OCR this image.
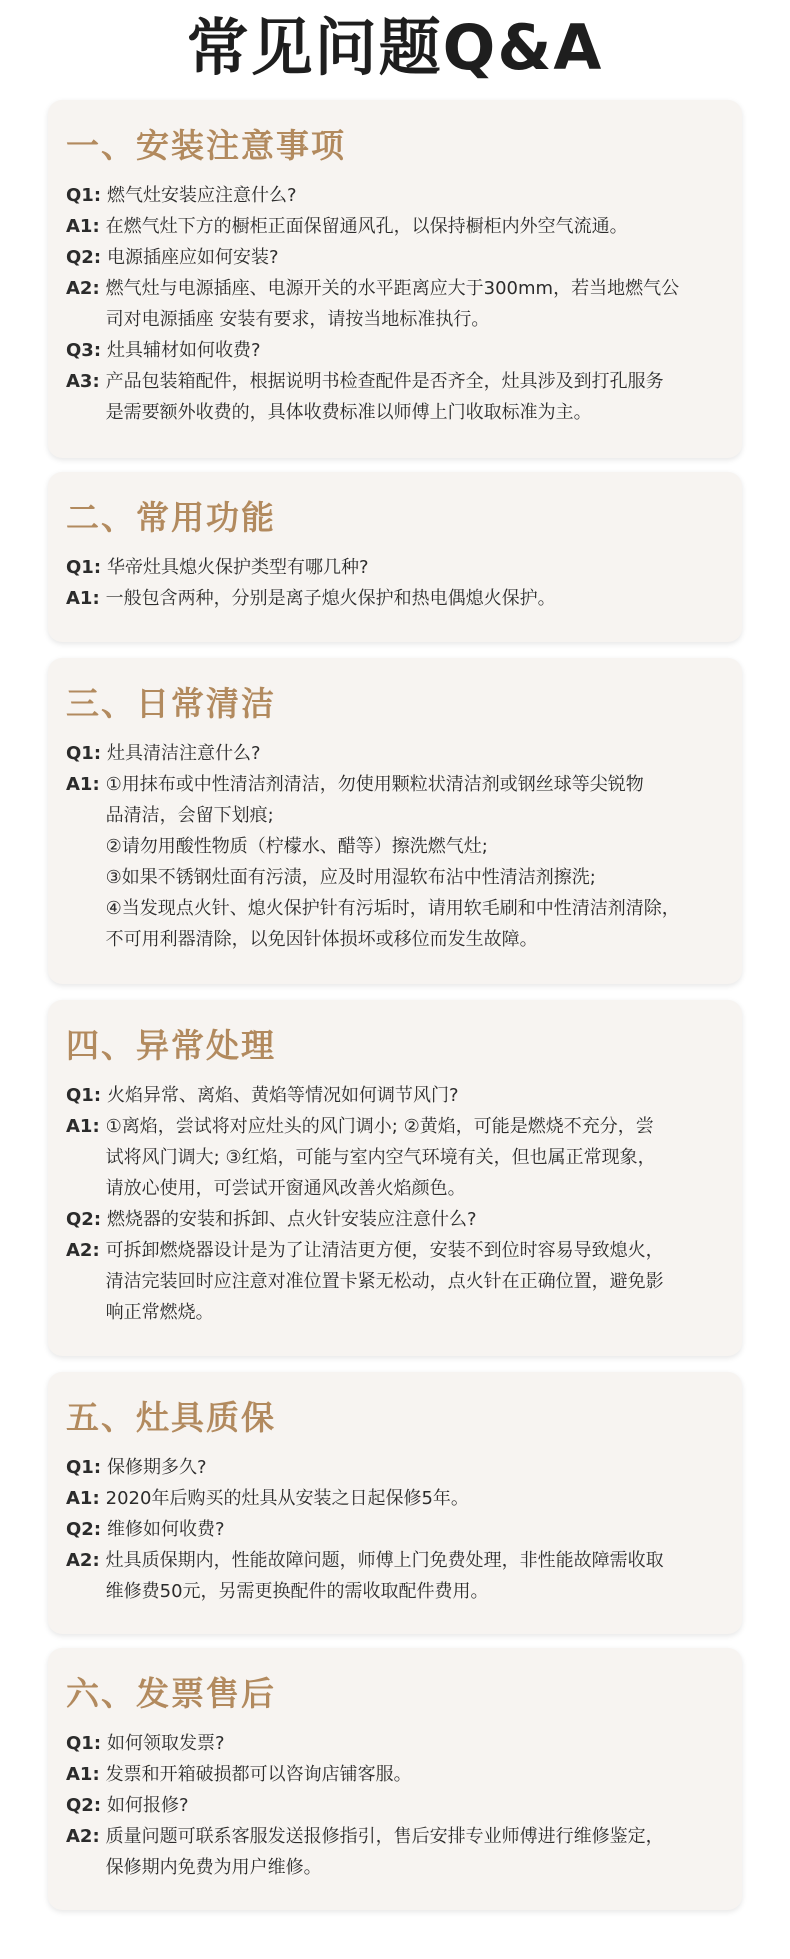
常见问题Q&A
一、安装注意事项
Q1: 燃气灶安装应注意什么?
A1: 在燃气灶下方的橱柜正面保留通风孔，以保持橱柜内外空气流通。
Q2: 电源插座应如何安装?
A2: 燃气灶与电源插座、电源开关的水平距离应大于300mm，若当地燃气公
司对电源插座 安装有要求，请按当地标准执行。
Q3: 灶具辅材如何收费?
A3: 产品包装箱配件，根据说明书检查配件是否齐全，灶具涉及到打孔服务
是需要额外收费的，具体收费标准以师傅上门收取标准为主。
二、常用功能
Q1: 华帝灶具熄火保护类型有哪几种?
A1: 一般包含两种，分别是离子熄火保护和热电偶熄火保护。
三、日常清洁
Q1: 灶具清洁注意什么?
A1: ①用抹布或中性清洁剂清洁，勿使用颗粒状清洁剂或钢丝球等尖锐物
品清洁，会留下划痕;
②请勿用酸性物质（柠檬水、醋等）擦洗燃气灶;
③如果不锈钢灶面有污渍，应及时用湿软布沾中性清洁剂擦洗;
④当发现点火针、熄火保护针有污垢时，请用软毛刷和中性清洁剂清除，
不可用利器清除，以免因针体损坏或移位而发生故障。
四、异常处理
Q1: 火焰异常、离焰、黄焰等情况如何调节风门?
A1: ①离焰，尝试将对应灶头的风门调小; ②黄焰，可能是燃烧不充分，尝
试将风门调大; ③红焰，可能与室内空气环境有关，但也属正常现象，
请放心使用，可尝试开窗通风改善火焰颜色。
Q2: 燃烧器的安装和拆卸、点火针安装应注意什么?
A2: 可拆卸燃烧器设计是为了让清洁更方便，安装不到位时容易导致熄火，
清洁完装回时应注意对准位置卡紧无松动，点火针在正确位置，避免影
响正常燃烧。
五、灶具质保
Q1: 保修期多久?
A1: 2020年后购买的灶具从安装之日起保修5年。
Q2: 维修如何收费?
A2: 灶具质保期内，性能故障问题，师傅上门免费处理，非性能故障需收取
维修费50元，另需更换配件的需收取配件费用。
六、发票售后
Q1: 如何领取发票?
A1: 发票和开箱破损都可以咨询店铺客服。
Q2: 如何报修?
A2: 质量问题可联系客服发送报修指引，售后安排专业师傅进行维修鉴定，
保修期内免费为用户维修。
